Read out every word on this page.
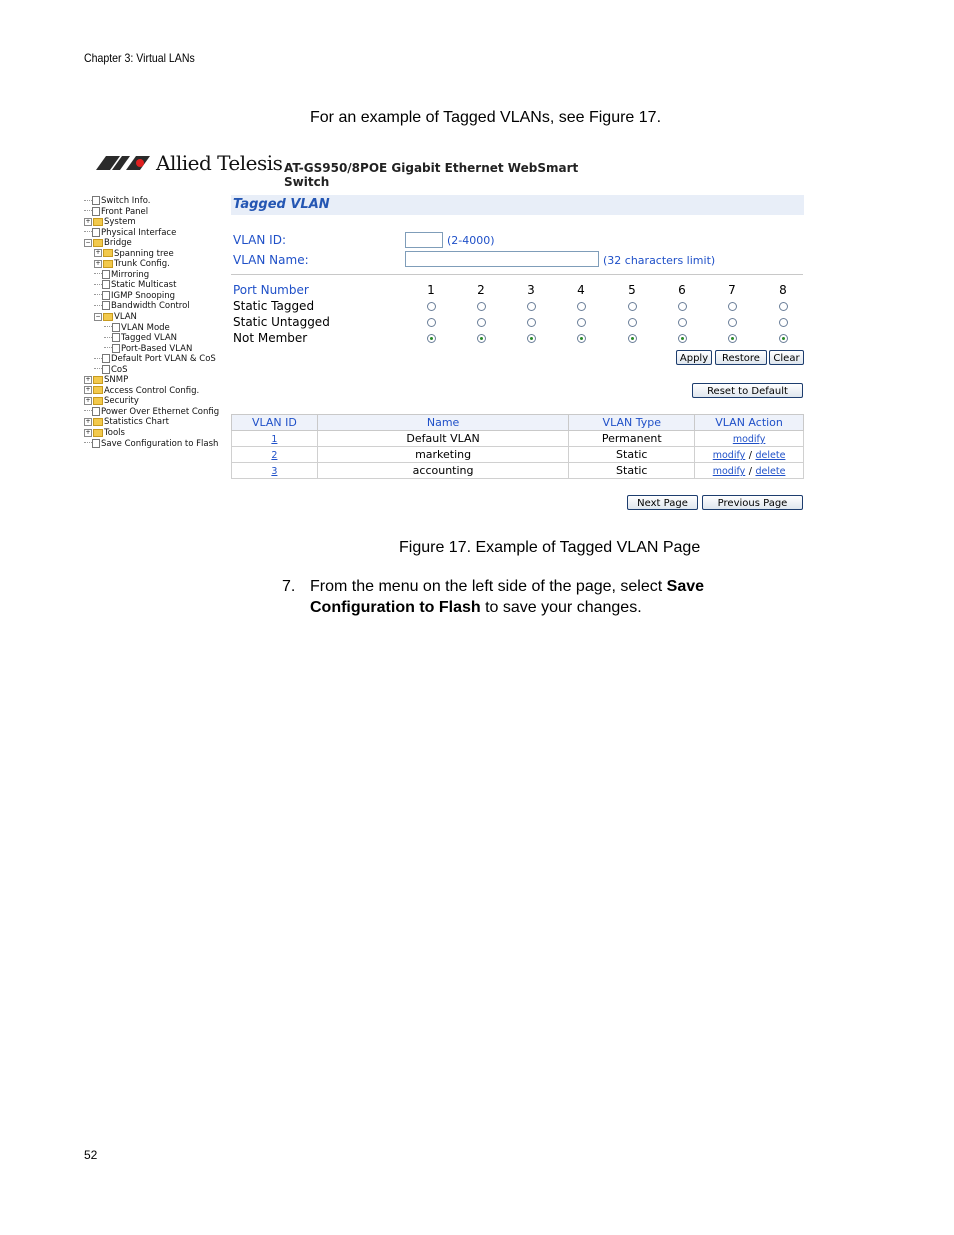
Chapter 3: Virtual LANs
For an example of Tagged VLANs, see Figure 17.
Allied Telesis AT-GS950/8POE Gigabit Ethernet WebSmart Switch
Switch Info.
Front Panel
+ System
Physical Interface
− Bridge
+ Spanning tree
+ Trunk Config.
Mirroring
Static Multicast
IGMP Snooping
Bandwidth Control
− VLAN
VLAN Mode
Tagged VLAN
Port-Based VLAN
Default Port VLAN & CoS
CoS
+ SNMP
+ Access Control Config.
+ Security
Power Over Ethernet Config
+ Statistics Chart
+ Tools
Save Configuration to Flash
Tagged VLAN
VLAN ID:	(2-4000)
VLAN Name:	(32 characters limit)
Port Number	1	2	3	4	5	6	7	8
Static Tagged
Static Untagged
Not Member
Apply	Restore	Clear
Reset to Default
VLAN ID	Name	VLAN Type	VLAN Action
1	Default VLAN	Permanent	modify
2	marketing	Static	modify / delete
3	accounting	Static	modify / delete
Next Page	Previous Page
Figure 17. Example of Tagged VLAN Page
7. From the menu on the left side of the page, select Save Configuration to Flash to save your changes.
52
